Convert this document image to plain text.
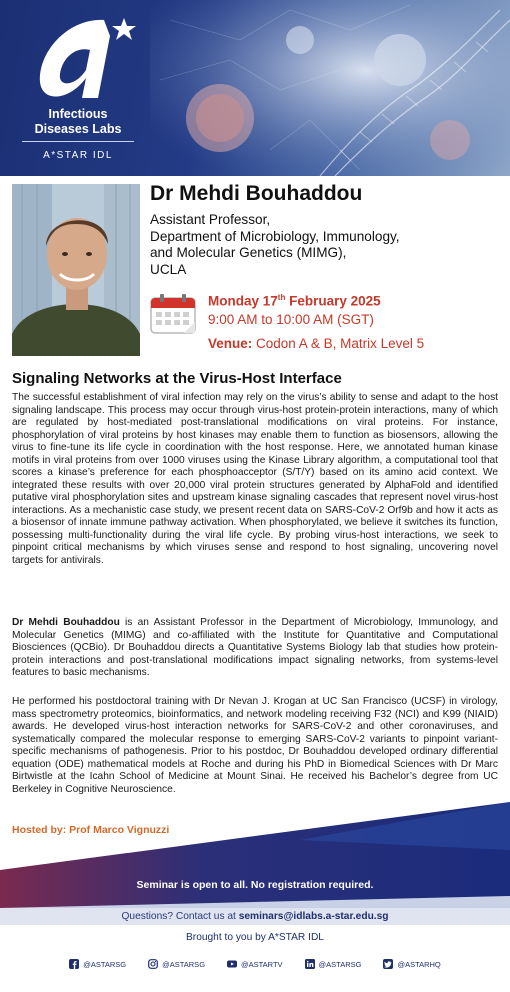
Infectious
Diseases Labs
A*STAR IDL
Dr Mehdi Bouhaddou
Assistant Professor,
Department of Microbiology, Immunology,
and Molecular Genetics (MIMG),
UCLA
Monday 17th February 2025
9:00 AM to 10:00 AM (SGT)
Venue: Codon A & B, Matrix Level 5
Signaling Networks at the Virus-Host Interface

The successful establishment of viral infection may rely on the virus’s ability to sense and adapt to the host signaling landscape. This process may occur through virus-host protein-protein interactions, many of which are regulated by host-mediated post-translational modifications on viral proteins. For instance, phosphorylation of viral proteins by host kinases may enable them to function as biosensors, allowing the virus to fine-tune its life cycle in coordination with the host response. Here, we annotated human kinase motifs in viral proteins from over 1000 viruses using the Kinase Library algorithm, a computational tool that scores a kinase’s preference for each phosphoacceptor (S/T/Y) based on its amino acid context. We integrated these results with over 20,000 viral protein structures generated by AlphaFold and identified putative viral phosphorylation sites and upstream kinase signaling cascades that represent novel virus-host interactions. As a mechanistic case study, we present recent data on SARS-CoV-2 Orf9b and how it acts as a biosensor of innate immune pathway activation. When phosphorylated, we believe it switches its function, possessing multi-functionality during the viral life cycle. By probing virus-host interactions, we seek to pinpoint critical mechanisms by which viruses sense and respond to host signaling, uncovering novel targets for antivirals.

Dr Mehdi Bouhaddou is an Assistant Professor in the Department of Microbiology, Immunology, and Molecular Genetics (MIMG) and co-affiliated with the Institute for Quantitative and Computational Biosciences (QCBio). Dr Bouhaddou directs a Quantitative Systems Biology lab that studies how protein-protein interactions and post-translational modifications impact signaling networks, from systems-level features to basic mechanisms.

He performed his postdoctoral training with Dr Nevan J. Krogan at UC San Francisco (UCSF) in virology, mass spectrometry proteomics, bioinformatics, and network modeling receiving F32 (NCI) and K99 (NIAID) awards. He developed virus-host interaction networks for SARS-CoV-2 and other coronaviruses, and systematically compared the molecular response to emerging SARS-CoV-2 variants to pinpoint variant-specific mechanisms of pathogenesis. Prior to his postdoc, Dr Bouhaddou developed ordinary differential equation (ODE) mathematical models at Roche and during his PhD in Biomedical Sciences with Dr Marc Birtwistle at the Icahn School of Medicine at Mount Sinai. He received his Bachelor’s degree from UC Berkeley in Cognitive Neuroscience.

Hosted by: Prof Marco Vignuzzi
Seminar is open to all. No registration required.
Questions? Contact us at seminars@idlabs.a-star.edu.sg
Brought to you by A*STAR IDL
@ASTARSG	@ASTARSG	@ASTARTV	@ASTARSG	@ASTARHQ
